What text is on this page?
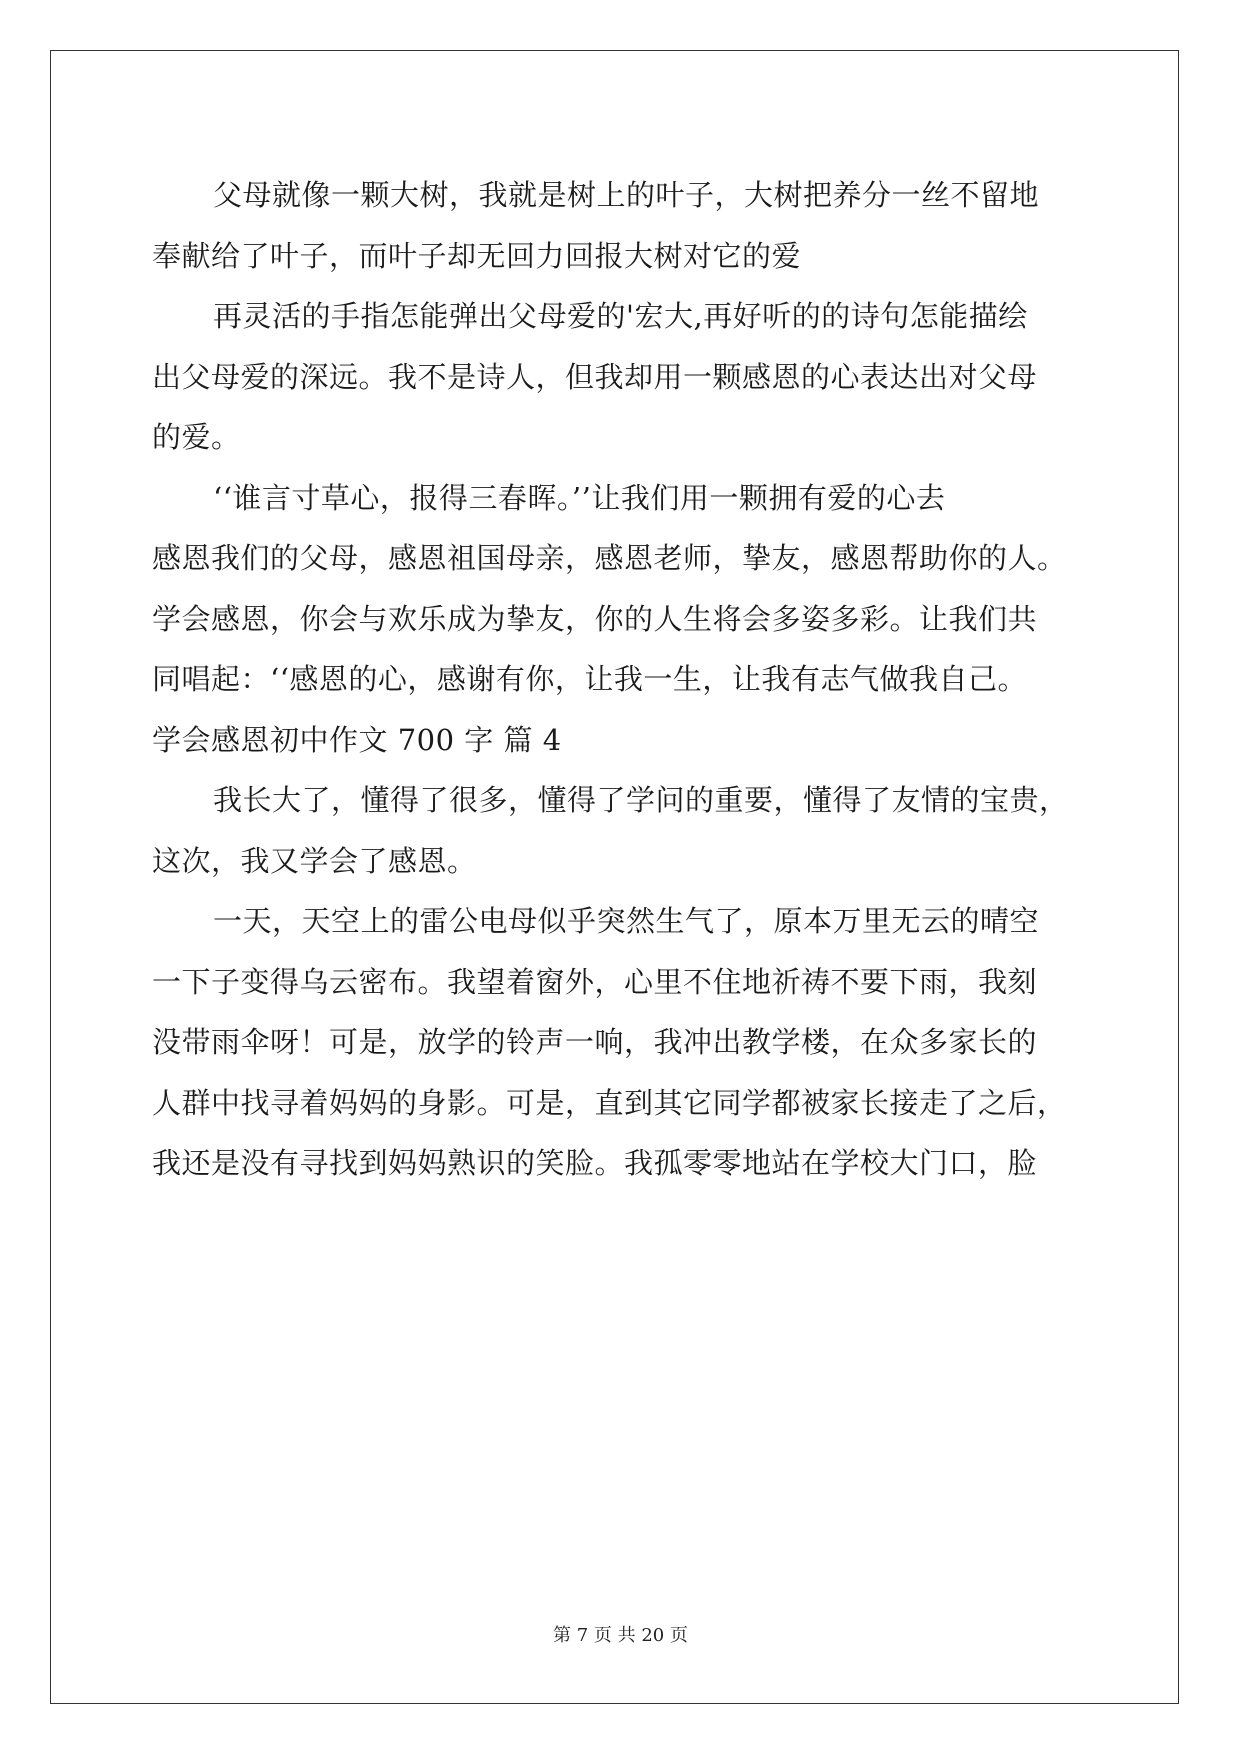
父母就像一颗大树，我就是树上的叶子，大树把养分一丝不留地
奉献给了叶子，而叶子却无回力回报大树对它的爱
再灵活的手指怎能弹出父母爱的'宏大,再好听的的诗句怎能描绘
出父母爱的深远。我不是诗人，但我却用一颗感恩的心表达出对父母
的爱。
‘‘谁言寸草心，报得三春晖。’’让我们用一颗拥有爱的心去
感恩我们的父母，感恩祖国母亲，感恩老师，挚友，感恩帮助你的人。
学会感恩，你会与欢乐成为挚友，你的人生将会多姿多彩。让我们共
同唱起：‘‘感恩的心，感谢有你，让我一生，让我有志气做我自己。
学会感恩初中作文 700 字 篇 4
我长大了，懂得了很多，懂得了学问的重要，懂得了友情的宝贵，
这次，我又学会了感恩。
一天，天空上的雷公电母似乎突然生气了，原本万里无云的晴空
一下子变得乌云密布。我望着窗外，心里不住地祈祷不要下雨，我刻
没带雨伞呀！可是，放学的铃声一响，我冲出教学楼，在众多家长的
人群中找寻着妈妈的身影。可是，直到其它同学都被家长接走了之后，
我还是没有寻找到妈妈熟识的笑脸。我孤零零地站在学校大门口，脸
第 7 页 共 20 页
